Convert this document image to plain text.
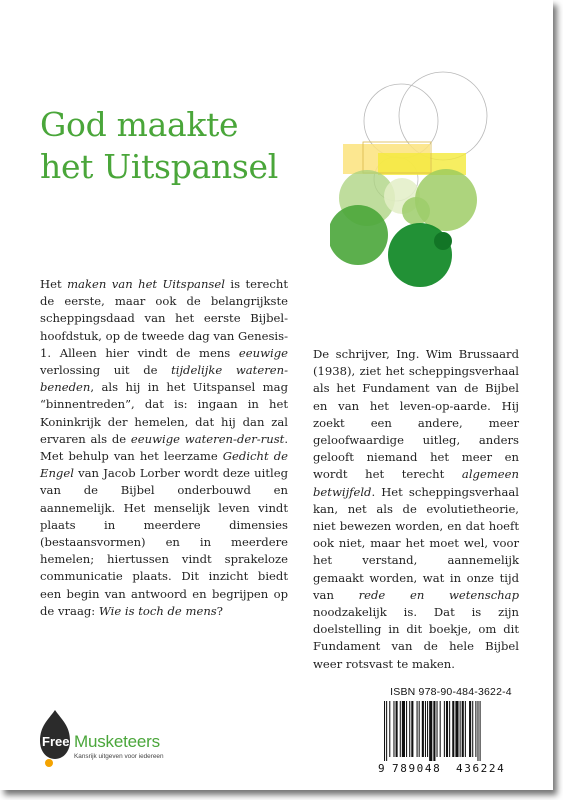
God maakte
het Uitspansel

Het maken van het Uitspansel is terecht de eerste, maar ook de belangrijkste scheppingsdaad van het eerste Bijbel-hoofdstuk, op de tweede dag van Genesis-1. Alleen hier vindt de mens eeuwige verlossing uit de tijdelijke wateren-beneden, als hij in het Uitspansel mag “binnentreden”, dat is: ingaan in het Koninkrijk der hemelen, dat hij dan zal ervaren als de eeuwige wateren-der-rust. Met behulp van het leerzame Gedicht de Engel van Jacob Lorber wordt deze uitleg van de Bijbel onderbouwd en aannemelijk. Het menselijk leven vindt plaats in meerdere dimensies (bestaansvormen) en in meerdere hemelen; hiertussen vindt sprakeloze communicatie plaats. Dit inzicht biedt een begin van antwoord en begrijpen op de vraag: Wie is toch de mens?

De schrijver, Ing. Wim Brussaard (1938), ziet het scheppingsverhaal als het Fundament van de Bijbel en van het leven-op-aarde. Hij zoekt een andere, meer geloofwaardige uitleg, anders gelooft niemand het meer en wordt het terecht algemeen betwijfeld. Het scheppingsverhaal kan, net als de evolutietheorie, niet bewezen worden, en dat hoeft ook niet, maar het moet wel, voor het verstand, aannemelijk gemaakt worden, wat in onze tijd van rede en wetenschap noodzakelijk is. Dat is zijn doelstelling in dit boekje, om dit Fundament van de hele Bijbel weer rotsvast te maken.

Free Musketeers
Kansrijk uitgeven voor iedereen
ISBN 978-90-484-3622-4
9 789048 436224
